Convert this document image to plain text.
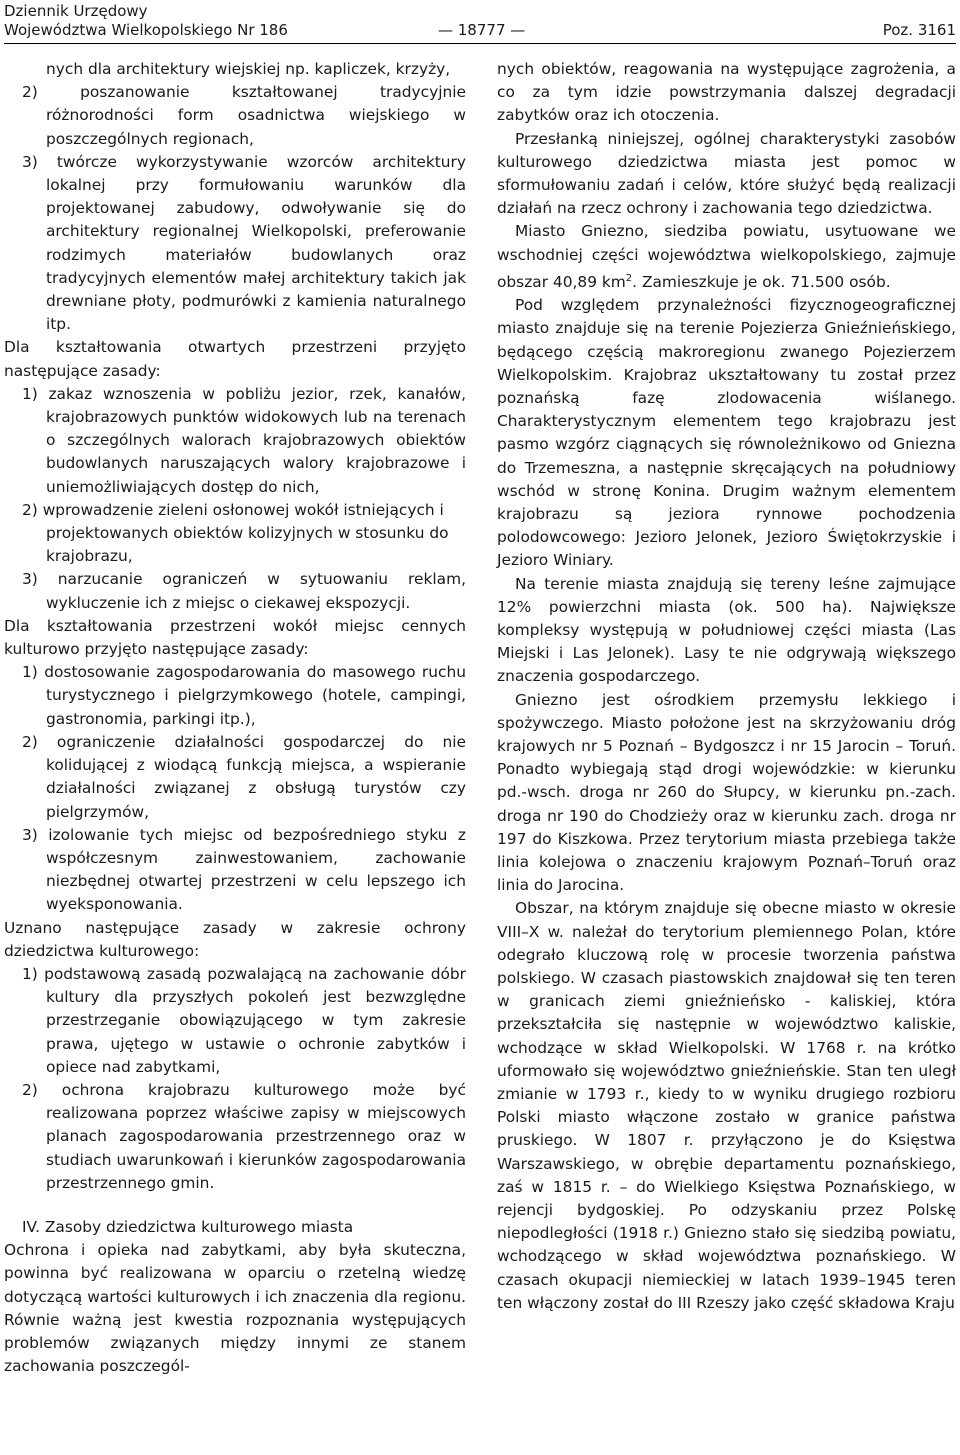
Dziennik Urzędowy
Województwa Wielkopolskiego Nr 186	— 18777 —	Poz. 3161

nych dla architektury wiejskiej np. kapliczek, krzyży,

2) poszanowanie kształtowanej tradycyjnie różnorodności form osadnictwa wiejskiego w poszczególnych regionach,

3) twórcze wykorzystywanie wzorców architektury lokalnej przy formułowaniu warunków dla projektowanej zabudowy, odwoływanie się do architektury regionalnej Wielkopolski, preferowanie rodzimych materiałów budowlanych oraz tradycyjnych elementów małej architektury takich jak drewniane płoty, podmurówki z kamienia naturalnego itp.

Dla kształtowania otwartych przestrzeni przyjęto następujące zasady:

1) zakaz wznoszenia w pobliżu jezior, rzek, kanałów, krajobrazowych punktów widokowych lub na terenach o szczególnych walorach krajobrazowych obiektów budowlanych naruszających walory krajobrazowe i uniemożliwiających dostęp do nich,

2) wprowadzenie zieleni osłonowej wokół istniejących i projektowanych obiektów kolizyjnych w stosunku do krajobrazu,

3) narzucanie ograniczeń w sytuowaniu reklam, wykluczenie ich z miejsc o ciekawej ekspozycji.

Dla kształtowania przestrzeni wokół miejsc cennych kulturowo przyjęto następujące zasady:

1) dostosowanie zagospodarowania do masowego ruchu turystycznego i pielgrzymkowego (hotele, campingi, gastronomia, parkingi itp.),

2) ograniczenie działalności gospodarczej do nie kolidującej z wiodącą funkcją miejsca, a wspieranie działalności związanej z obsługą turystów czy pielgrzymów,

3) izolowanie tych miejsc od bezpośredniego styku z współczesnym zainwestowaniem, zachowanie niezbędnej otwartej przestrzeni w celu lepszego ich wyeksponowania.

Uznano następujące zasady w zakresie ochrony dziedzictwa kulturowego:

1) podstawową zasadą pozwalającą na zachowanie dóbr kultury dla przyszłych pokoleń jest bezwzględne przestrzeganie obowiązującego w tym zakresie prawa, ujętego w ustawie o ochronie zabytków i opiece nad zabytkami,

2) ochrona krajobrazu kulturowego może być realizowana poprzez właściwe zapisy w miejscowych planach zagospodarowania przestrzennego oraz w studiach uwarunkowań i kierunków zagospodarowania przestrzennego gmin.

IV. Zasoby dziedzictwa kulturowego miasta

Ochrona i opieka nad zabytkami, aby była skuteczna, powinna być realizowana w oparciu o rzetelną wiedzę dotyczącą wartości kulturowych i ich znaczenia dla regionu. Równie ważną jest kwestia rozpoznania występujących problemów związanych między innymi ze stanem zachowania poszczegól-

nych obiektów, reagowania na występujące zagrożenia, a co za tym idzie powstrzymania dalszej degradacji zabytków oraz ich otoczenia.

Przesłanką niniejszej, ogólnej charakterystyki zasobów kulturowego dziedzictwa miasta jest pomoc w sformułowaniu zadań i celów, które służyć będą realizacji działań na rzecz ochrony i zachowania tego dziedzictwa.

Miasto Gniezno, siedziba powiatu, usytuowane we wschodniej części województwa wielkopolskiego, zajmuje obszar 40,89 $km^2$. Zamieszkuje je ok. 71.500 osób.

Pod względem przynależności fizycznogeograficznej miasto znajduje się na terenie Pojezierza Gnieźnieńskiego, będącego częścią makroregionu zwanego Pojezierzem Wielkopolskim. Krajobraz ukształtowany tu został przez poznańską fazę zlodowacenia wiślanego. Charakterystycznym elementem tego krajobrazu jest pasmo wzgórz ciągnących się równoleżnikowo od Gniezna do Trzemeszna, a następnie skręcających na południowy wschód w stronę Konina. Drugim ważnym elementem krajobrazu są jeziora rynnowe pochodzenia polodowcowego: Jezioro Jelonek, Jezioro Świętokrzyskie i Jezioro Winiary.

Na terenie miasta znajdują się tereny leśne zajmujące 12% powierzchni miasta (ok. 500 ha). Największe kompleksy występują w południowej części miasta (Las Miejski i Las Jelonek). Lasy te nie odgrywają większego znaczenia gospodarczego.

Gniezno jest ośrodkiem przemysłu lekkiego i spożywczego. Miasto położone jest na skrzyżowaniu dróg krajowych nr 5 Poznań – Bydgoszcz i nr 15 Jarocin – Toruń. Ponadto wybiegają stąd drogi wojewódzkie: w kierunku pd.-wsch. droga nr 260 do Słupcy, w kierunku pn.-zach. droga nr 190 do Chodzieży oraz w kierunku zach. droga nr 197 do Kiszkowa. Przez terytorium miasta przebiega także linia kolejowa o znaczeniu krajowym Poznań–Toruń oraz linia do Jarocina.

Obszar, na którym znajduje się obecne miasto w okresie VIII–X w. należał do terytorium plemiennego Polan, które odegrało kluczową rolę w procesie tworzenia państwa polskiego. W czasach piastowskich znajdował się ten teren w granicach ziemi gnieźnieńsko - kaliskiej, która przekształciła się następnie w województwo kaliskie, wchodzące w skład Wielkopolski. W 1768 r. na krótko uformowało się województwo gnieźnieńskie. Stan ten uległ zmianie w 1793 r., kiedy to w wyniku drugiego rozbioru Polski miasto włączone zostało w granice państwa pruskiego. W 1807 r. przyłączono je do Księstwa Warszawskiego, w obrębie departamentu poznańskiego, zaś w 1815 r. – do Wielkiego Księstwa Poznańskiego, w rejencji bydgoskiej. Po odzyskaniu przez Polskę niepodległości (1918 r.) Gniezno stało się siedzibą powiatu, wchodzącego w skład województwa poznańskiego. W czasach okupacji niemieckiej w latach 1939–1945 teren ten włączony został do III Rzeszy jako część składowa Kraju
